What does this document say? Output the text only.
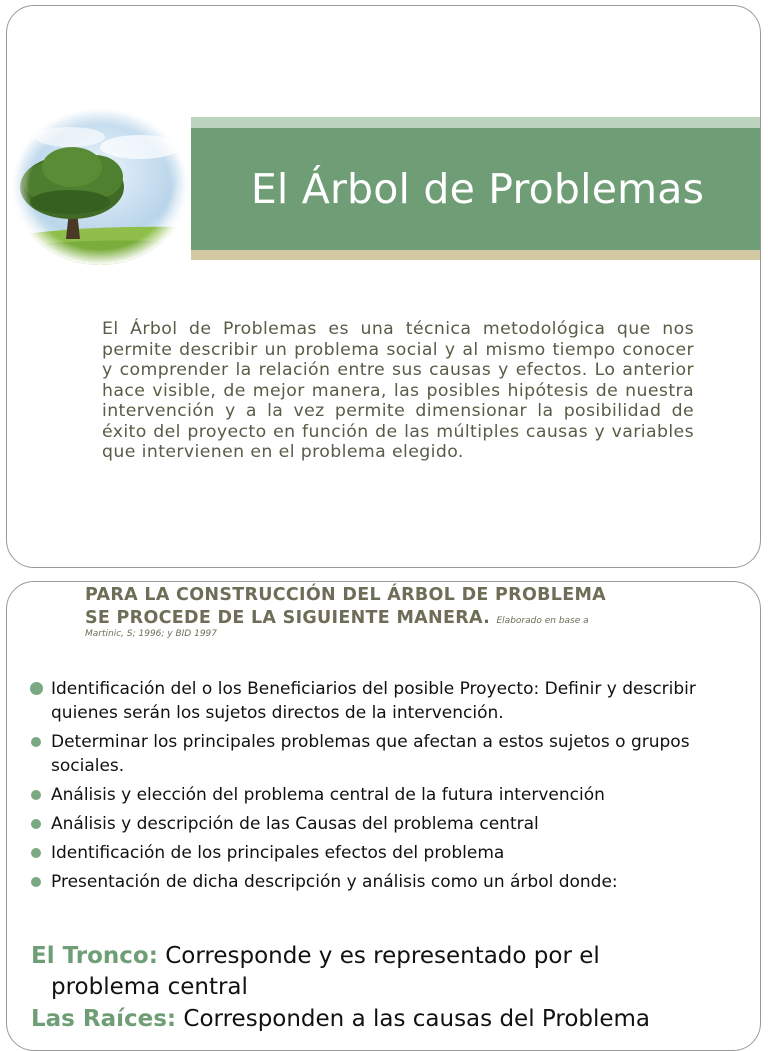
El Árbol de Problemas

El Árbol de Problemas es una técnica metodológica que nos permite describir un problema social y al mismo tiempo conocer y comprender la relación entre sus causas y efectos. Lo anterior hace visible, de mejor manera, las posibles hipótesis de nuestra intervención y a la vez permite dimensionar la posibilidad de éxito del proyecto en función de las múltiples causas y variables que intervienen en el problema elegido.

PARA LA CONSTRUCCIÓN DEL ÁRBOL DE PROBLEMA
SE PROCEDE DE LA SIGUIENTE MANERA. Elaborado en base a

Martinic, S; 1996; y BID 1997

Identificación del o los Beneficiarios del posible Proyecto: Definir y describir quienes serán los sujetos directos de la intervención.
Determinar los principales problemas que afectan a estos sujetos o grupos sociales.
Análisis y elección del problema central de la futura intervención
Análisis y descripción de las Causas del problema central
Identificación de los principales efectos del problema
Presentación de dicha descripción y análisis como un árbol donde:

El Tronco: Corresponde y es representado por el
problema central

Las Raíces: Corresponden a las causas del Problema
